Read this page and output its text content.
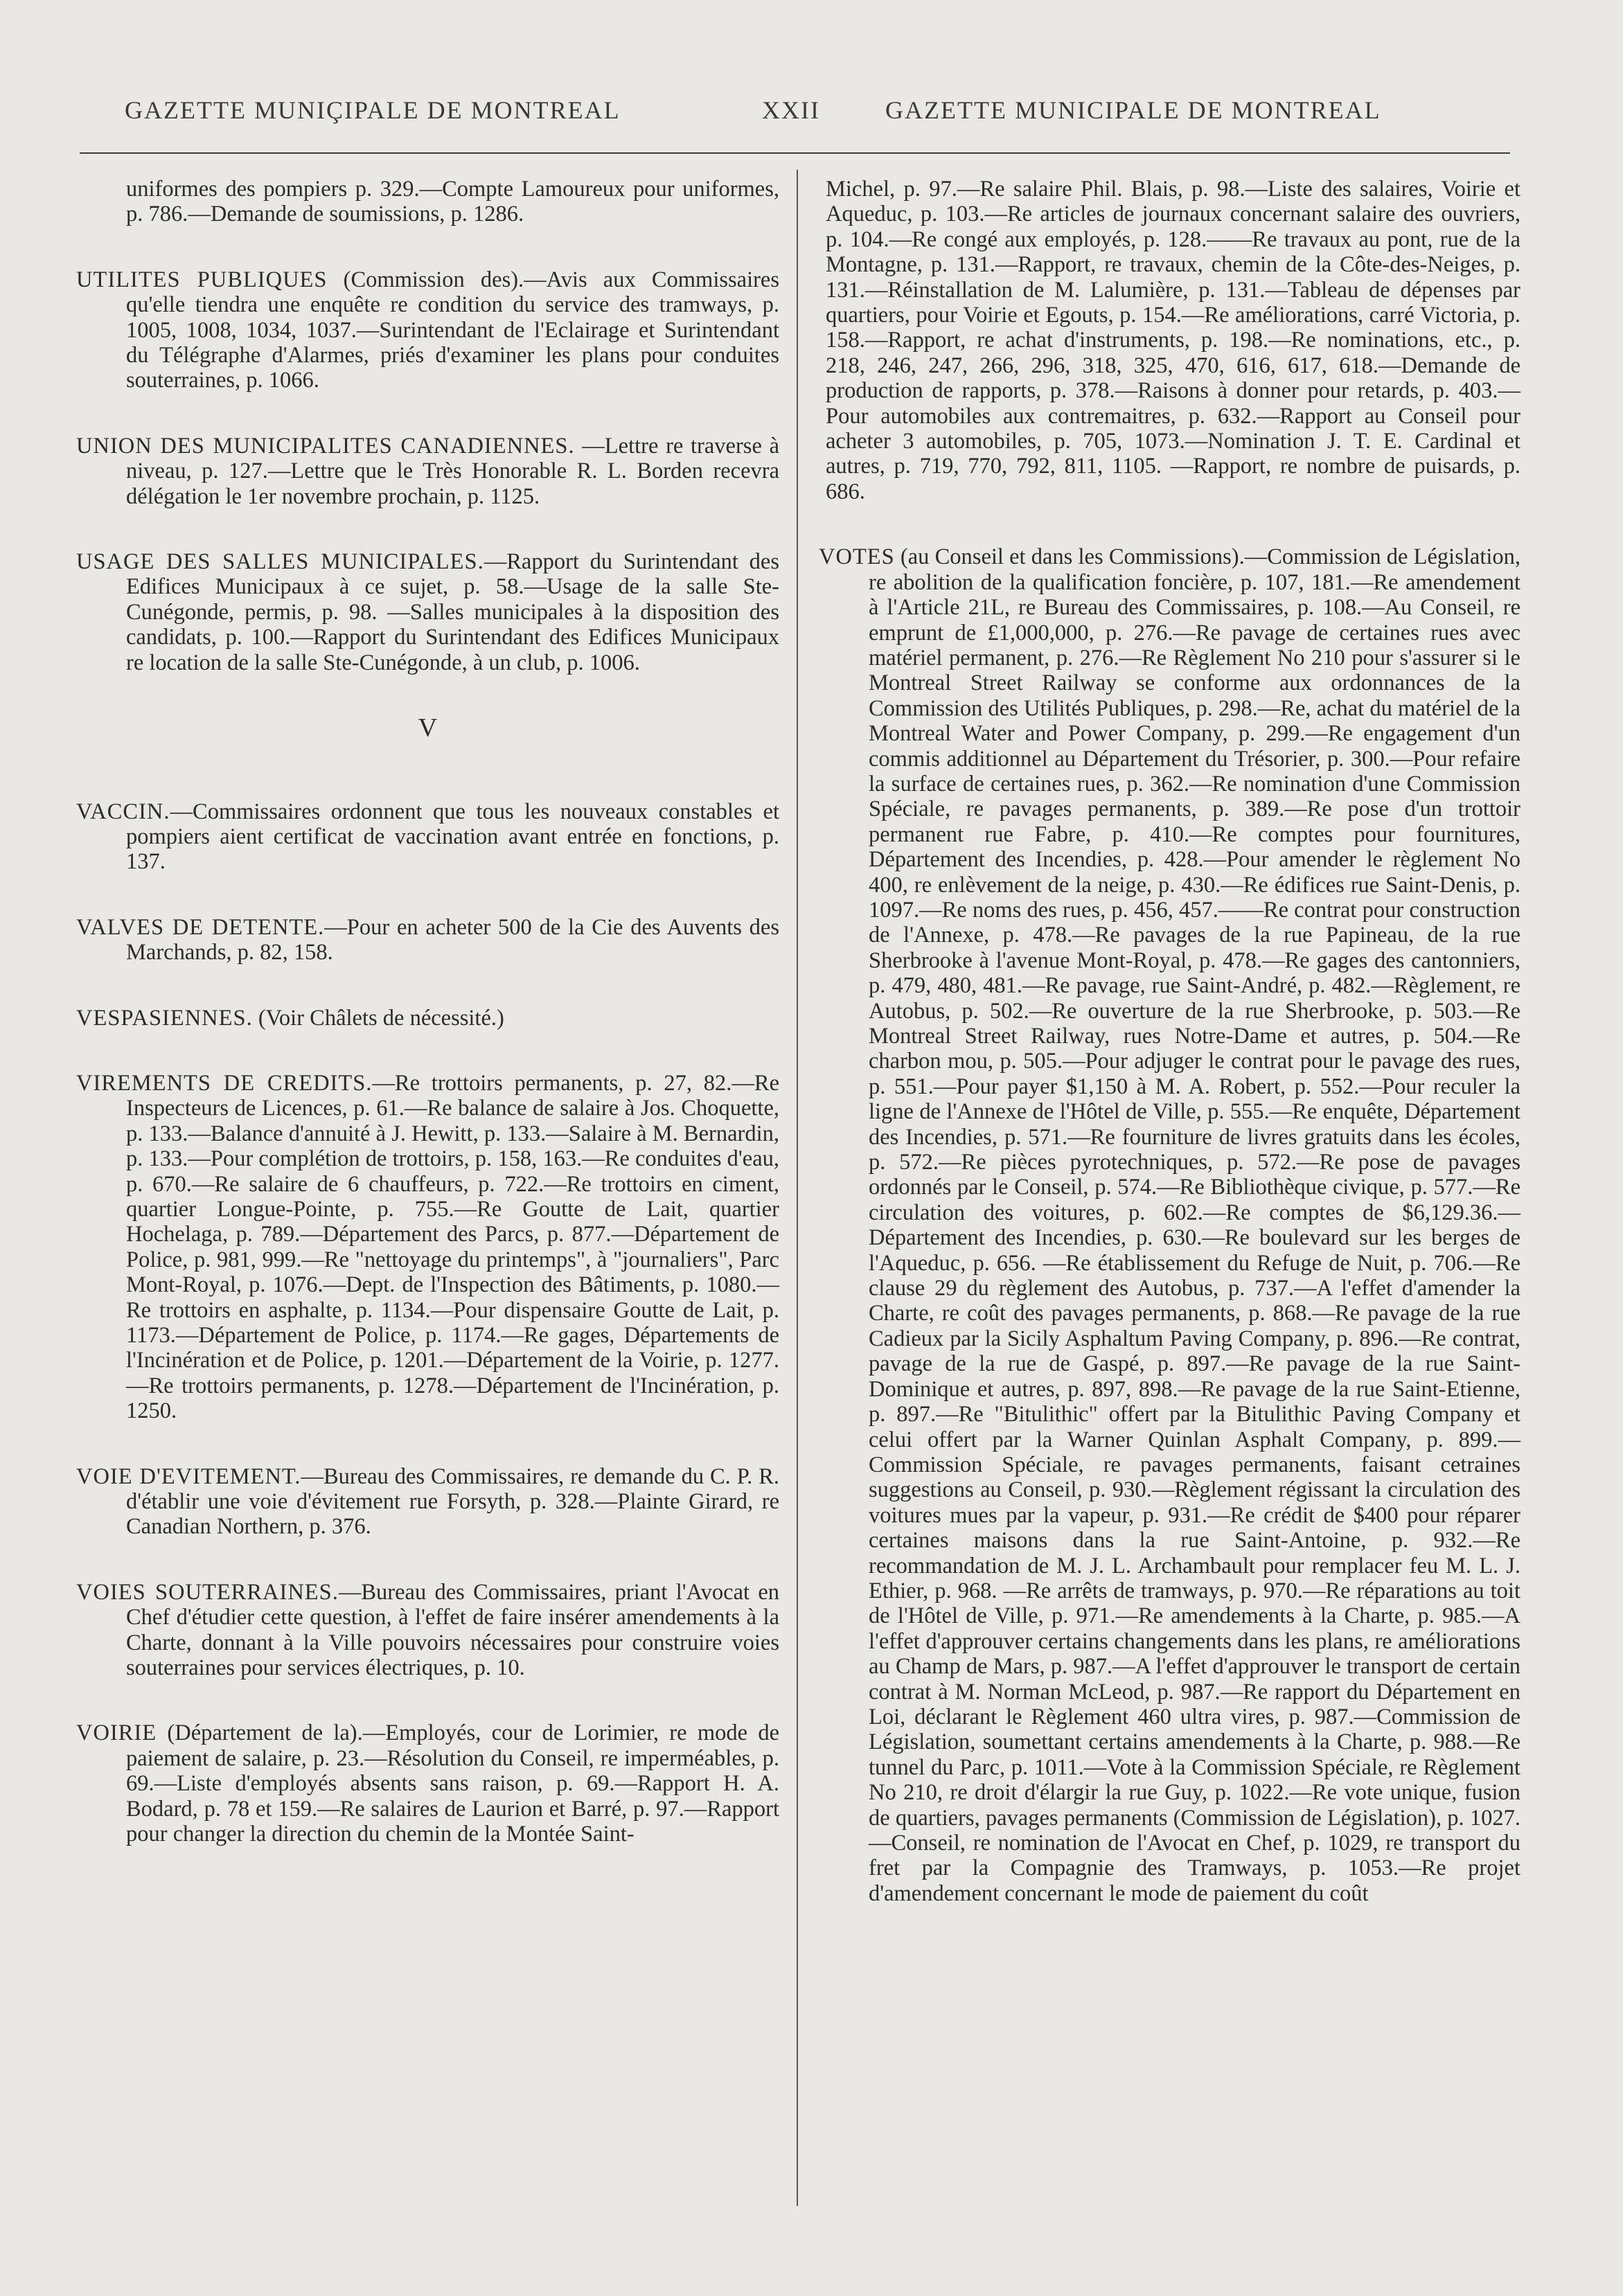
GAZETTE MUNIÇIPALE DE MONTREAL	XXII	GAZETTE MUNICIPALE DE MONTREAL

uniformes des pompiers p. 329.—Compte Lamoureux pour uniformes, p. 786.—Demande de soumissions, p. 1286.

UTILITES PUBLIQUES (Commission des).—Avis aux Commissaires qu'elle tiendra une enquête re condition du service des tramways, p. 1005, 1008, 1034, 1037.—Surintendant de l'Eclairage et Surintendant du Télégraphe d'Alarmes, priés d'examiner les plans pour conduites souterraines, p. 1066.

UNION DES MUNICIPALITES CANADIENNES. —Lettre re traverse à niveau, p. 127.—Lettre que le Très Honorable R. L. Borden recevra délégation le 1er novembre prochain, p. 1125.

USAGE DES SALLES MUNICIPALES.—Rapport du Surintendant des Edifices Municipaux à ce sujet, p. 58.—Usage de la salle Ste-Cunégonde, permis, p. 98. —Salles municipales à la disposition des candidats, p. 100.—Rapport du Surintendant des Edifices Municipaux re location de la salle Ste-Cunégonde, à un club, p. 1006.

V

VACCIN.—Commissaires ordonnent que tous les nouveaux constables et pompiers aient certificat de vaccination avant entrée en fonctions, p. 137.

VALVES DE DETENTE.—Pour en acheter 500 de la Cie des Auvents des Marchands, p. 82, 158.

VESPASIENNES. (Voir Châlets de nécessité.)

VIREMENTS DE CREDITS.—Re trottoirs permanents, p. 27, 82.—Re Inspecteurs de Licences, p. 61.—Re balance de salaire à Jos. Choquette, p. 133.—Balance d'annuité à J. Hewitt, p. 133.—Salaire à M. Bernardin, p. 133.—Pour complétion de trottoirs, p. 158, 163.—Re conduites d'eau, p. 670.—Re salaire de 6 chauffeurs, p. 722.—Re trottoirs en ciment, quartier Longue-Pointe, p. 755.—Re Goutte de Lait, quartier Hochelaga, p. 789.—Département des Parcs, p. 877.—Département de Police, p. 981, 999.—Re "nettoyage du printemps", à "journaliers", Parc Mont-Royal, p. 1076.—Dept. de l'Inspection des Bâtiments, p. 1080.—Re trottoirs en asphalte, p. 1134.—Pour dispensaire Goutte de Lait, p. 1173.—Département de Police, p. 1174.—Re gages, Départements de l'Incinération et de Police, p. 1201.—Département de la Voirie, p. 1277.—Re trottoirs permanents, p. 1278.—Département de l'Incinération, p. 1250.

VOIE D'EVITEMENT.—Bureau des Commissaires, re demande du C. P. R. d'établir une voie d'évitement rue Forsyth, p. 328.—Plainte Girard, re Canadian Northern, p. 376.

VOIES SOUTERRAINES.—Bureau des Commissaires, priant l'Avocat en Chef d'étudier cette question, à l'effet de faire insérer amendements à la Charte, donnant à la Ville pouvoirs nécessaires pour construire voies souterraines pour services électriques, p. 10.

VOIRIE (Département de la).—Employés, cour de Lorimier, re mode de paiement de salaire, p. 23.—Résolution du Conseil, re imperméables, p. 69.—Liste d'employés absents sans raison, p. 69.—Rapport H. A. Bodard, p. 78 et 159.—Re salaires de Laurion et Barré, p. 97.—Rapport pour changer la direction du chemin de la Montée Saint-

Michel, p. 97.—Re salaire Phil. Blais, p. 98.—Liste des salaires, Voirie et Aqueduc, p. 103.—Re articles de journaux concernant salaire des ouvriers, p. 104.—Re congé aux employés, p. 128.——Re travaux au pont, rue de la Montagne, p. 131.—Rapport, re travaux, chemin de la Côte-des-Neiges, p. 131.—Réinstallation de M. Lalumière, p. 131.—Tableau de dépenses par quartiers, pour Voirie et Egouts, p. 154.—Re améliorations, carré Victoria, p. 158.—Rapport, re achat d'instruments, p. 198.—Re nominations, etc., p. 218, 246, 247, 266, 296, 318, 325, 470, 616, 617, 618.—Demande de production de rapports, p. 378.—Raisons à donner pour retards, p. 403.—Pour automobiles aux contremaitres, p. 632.—Rapport au Conseil pour acheter 3 automobiles, p. 705, 1073.—Nomination J. T. E. Cardinal et autres, p. 719, 770, 792, 811, 1105. —Rapport, re nombre de puisards, p. 686.

VOTES (au Conseil et dans les Commissions).—Commission de Législation, re abolition de la qualification foncière, p. 107, 181.—Re amendement à l'Article 21L, re Bureau des Commissaires, p. 108.—Au Conseil, re emprunt de £1,000,000, p. 276.—Re pavage de certaines rues avec matériel permanent, p. 276.—Re Règlement No 210 pour s'assurer si le Montreal Street Railway se conforme aux ordonnances de la Commission des Utilités Publiques, p. 298.—Re, achat du matériel de la Montreal Water and Power Company, p. 299.—Re engagement d'un commis additionnel au Département du Trésorier, p. 300.—Pour refaire la surface de certaines rues, p. 362.—Re nomination d'une Commission Spéciale, re pavages permanents, p. 389.—Re pose d'un trottoir permanent rue Fabre, p. 410.—Re comptes pour fournitures, Département des Incendies, p. 428.—Pour amender le règlement No 400, re enlèvement de la neige, p. 430.—Re édifices rue Saint-Denis, p. 1097.—Re noms des rues, p. 456, 457.——Re contrat pour construction de l'Annexe, p. 478.—Re pavages de la rue Papineau, de la rue Sherbrooke à l'avenue Mont-Royal, p. 478.—Re gages des cantonniers, p. 479, 480, 481.—Re pavage, rue Saint-André, p. 482.—Règlement, re Autobus, p. 502.—Re ouverture de la rue Sherbrooke, p. 503.—Re Montreal Street Railway, rues Notre-Dame et autres, p. 504.—Re charbon mou, p. 505.—Pour adjuger le contrat pour le pavage des rues, p. 551.—Pour payer $1,150 à M. A. Robert, p. 552.—Pour reculer la ligne de l'Annexe de l'Hôtel de Ville, p. 555.—Re enquête, Département des Incendies, p. 571.—Re fourniture de livres gratuits dans les écoles, p. 572.—Re pièces pyrotechniques, p. 572.—Re pose de pavages ordonnés par le Conseil, p. 574.—Re Bibliothèque civique, p. 577.—Re circulation des voitures, p. 602.—Re comptes de $6,129.36.—Département des Incendies, p. 630.—Re boulevard sur les berges de l'Aqueduc, p. 656. —Re établissement du Refuge de Nuit, p. 706.—Re clause 29 du règlement des Autobus, p. 737.—A l'effet d'amender la Charte, re coût des pavages permanents, p. 868.—Re pavage de la rue Cadieux par la Sicily Asphaltum Paving Company, p. 896.—Re contrat, pavage de la rue de Gaspé, p. 897.—Re pavage de la rue Saint-Dominique et autres, p. 897, 898.—Re pavage de la rue Saint-Etienne, p. 897.—Re "Bitulithic" offert par la Bitulithic Paving Company et celui offert par la Warner Quinlan Asphalt Company, p. 899.—Commission Spéciale, re pavages permanents, faisant cetraines suggestions au Conseil, p. 930.—Règlement régissant la circulation des voitures mues par la vapeur, p. 931.—Re crédit de $400 pour réparer certaines maisons dans la rue Saint-Antoine, p. 932.—Re recommandation de M. J. L. Archambault pour remplacer feu M. L. J. Ethier, p. 968. —Re arrêts de tramways, p. 970.—Re réparations au toit de l'Hôtel de Ville, p. 971.—Re amendements à la Charte, p. 985.—A l'effet d'approuver certains changements dans les plans, re améliorations au Champ de Mars, p. 987.—A l'effet d'approuver le transport de certain contrat à M. Norman McLeod, p. 987.—Re rapport du Département en Loi, déclarant le Règlement 460 ultra vires, p. 987.—Commission de Législation, soumettant certains amendements à la Charte, p. 988.—Re tunnel du Parc, p. 1011.—Vote à la Commission Spéciale, re Règlement No 210, re droit d'élargir la rue Guy, p. 1022.—Re vote unique, fusion de quartiers, pavages permanents (Commission de Législation), p. 1027.—Conseil, re nomination de l'Avocat en Chef, p. 1029, re transport du fret par la Compagnie des Tramways, p. 1053.—Re projet d'amendement concernant le mode de paiement du coût
